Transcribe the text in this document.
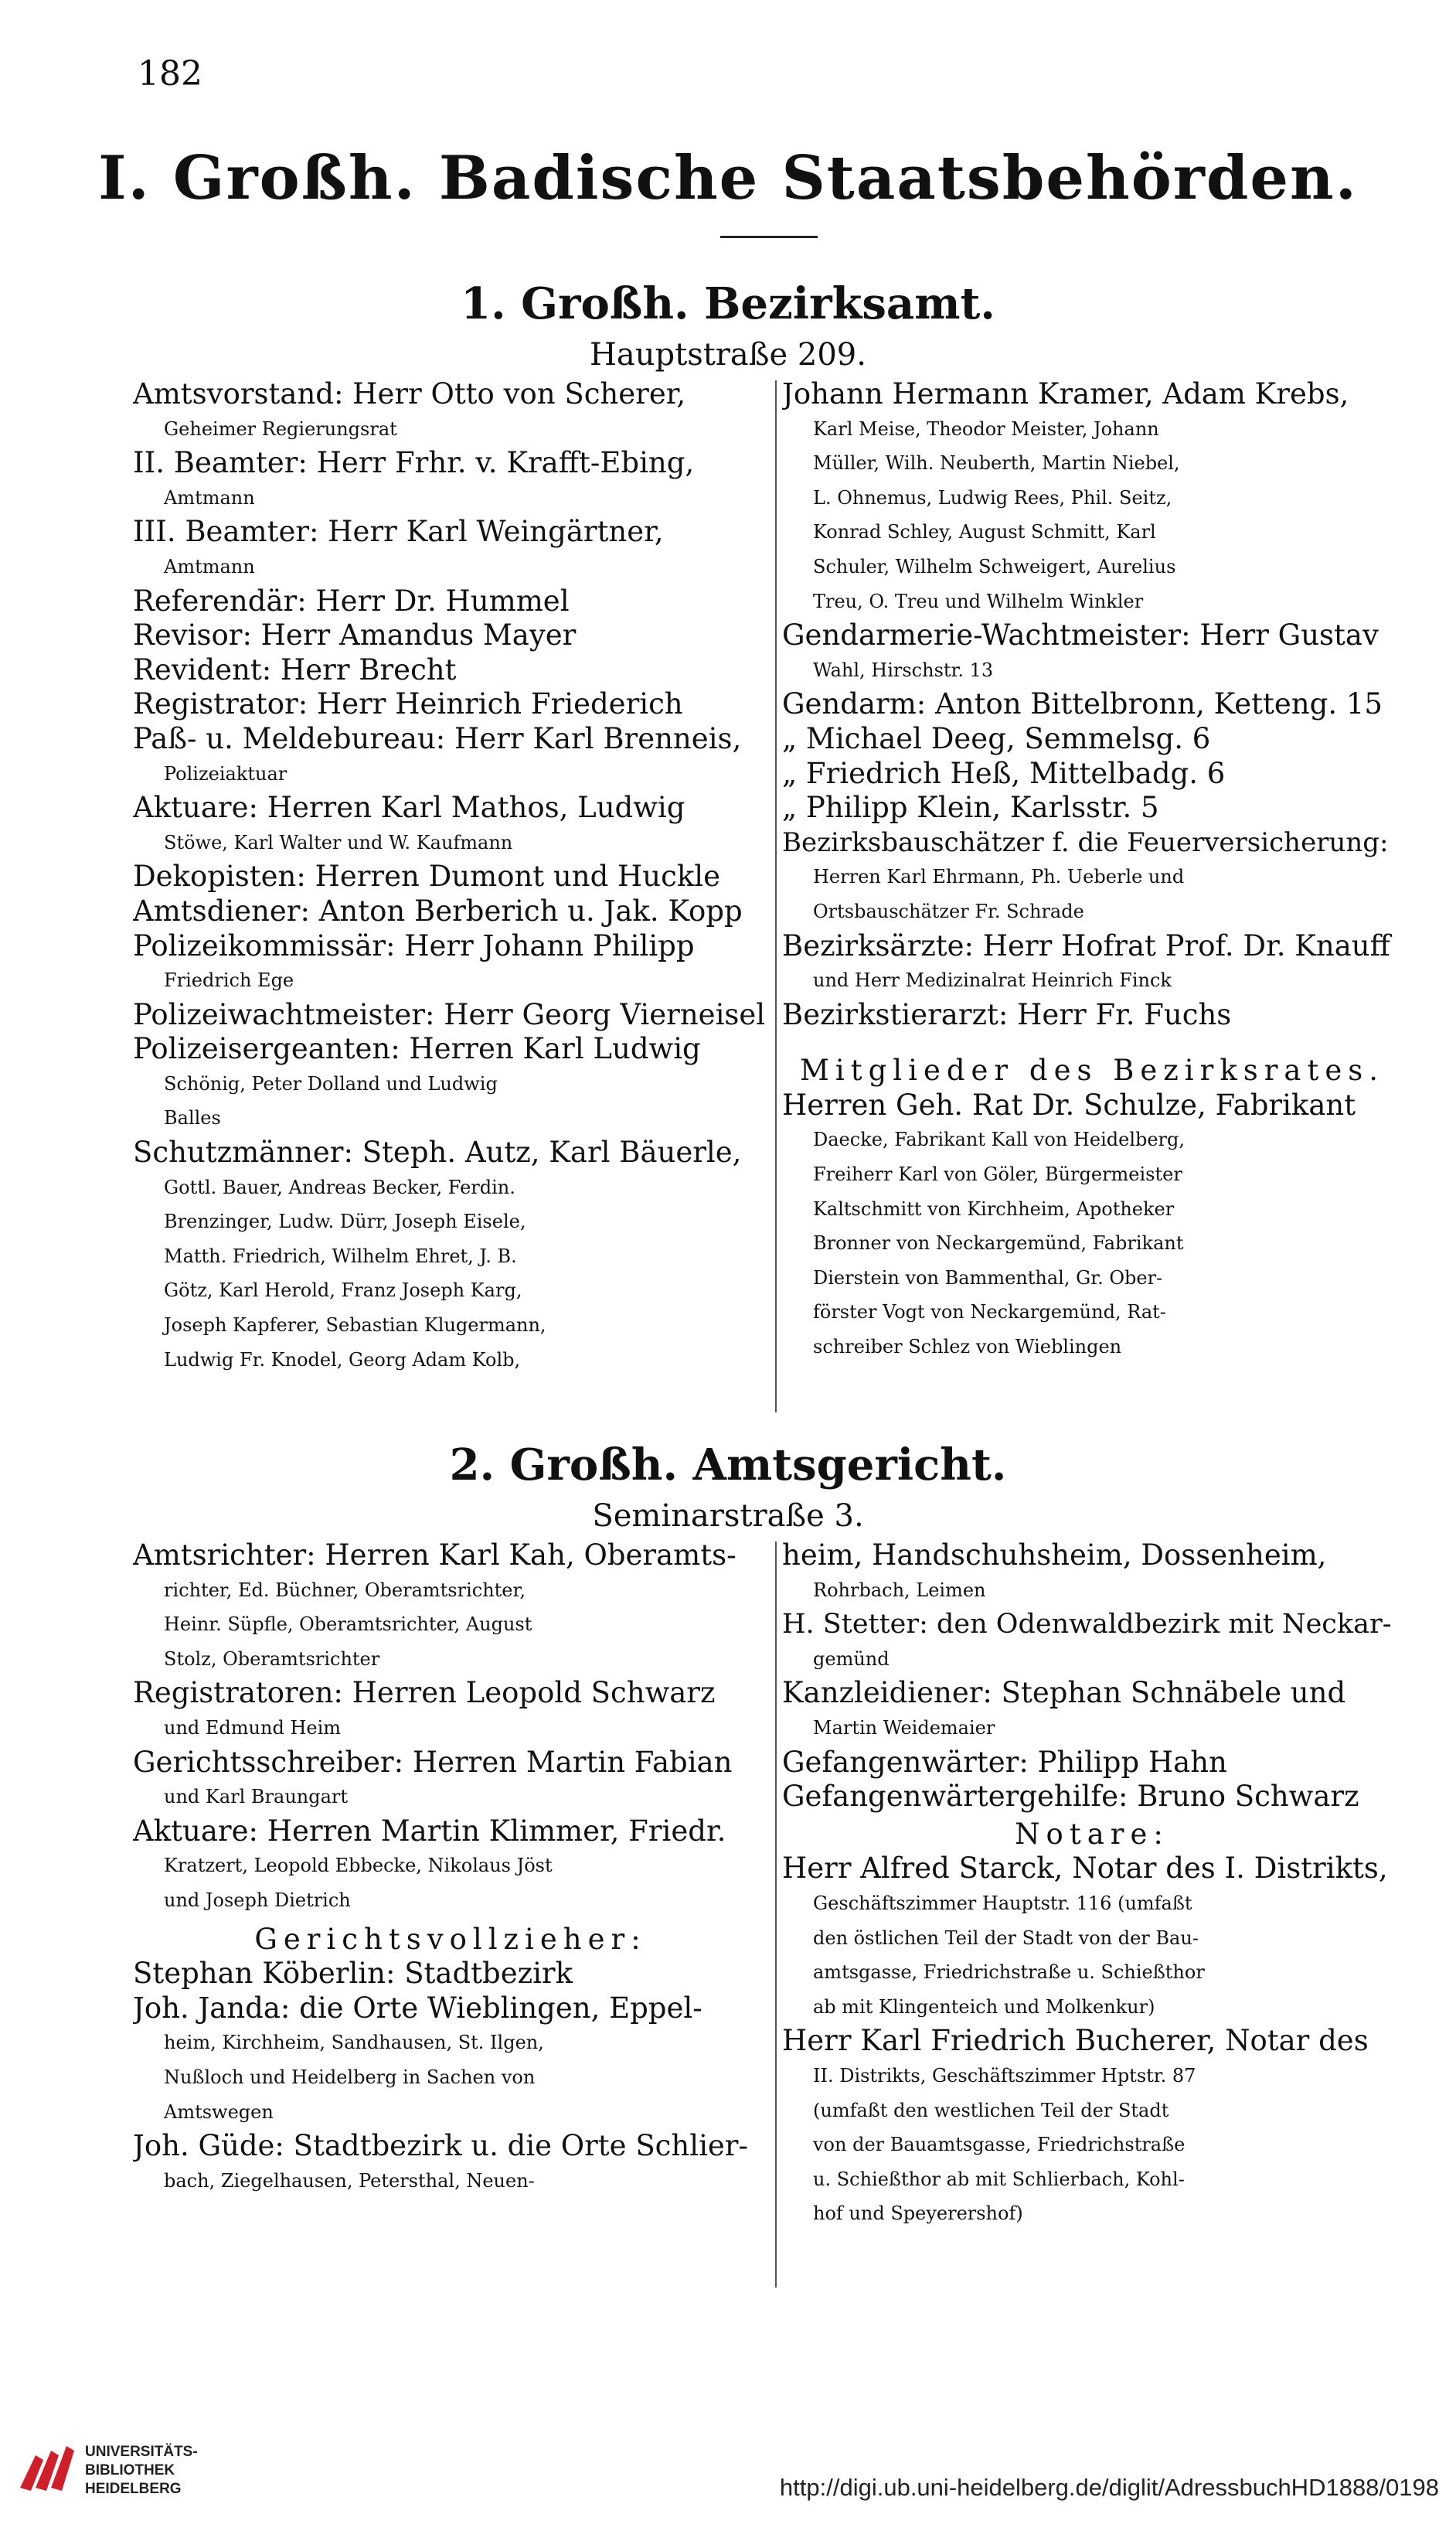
182
I. Großh. Badische Staatsbehörden.
1. Großh. Bezirksamt.
Hauptstraße 209.
Amtsvorstand: Herr Otto von Scherer,
Geheimer Regierungsrat
II. Beamter: Herr Frhr. v. Krafft-Ebing,
Amtmann
III. Beamter: Herr Karl Weingärtner,
Amtmann
Referendär: Herr Dr. Hummel
Revisor: Herr Amandus Mayer
Revident: Herr Brecht
Registrator: Herr Heinrich Friederich
Paß- u. Meldebureau: Herr Karl Brenneis,
Polizeiaktuar
Aktuare: Herren Karl Mathos, Ludwig
Stöwe, Karl Walter und W. Kaufmann
Dekopisten: Herren Dumont und Huckle
Amtsdiener: Anton Berberich u. Jak. Kopp
Polizeikommissär: Herr Johann Philipp
Friedrich Ege
Polizeiwachtmeister: Herr Georg Vierneisel
Polizeisergeanten: Herren Karl Ludwig
Schönig, Peter Dolland und Ludwig
Balles
Schutzmänner: Steph. Autz, Karl Bäuerle,
Gottl. Bauer, Andreas Becker, Ferdin.
Brenzinger, Ludw. Dürr, Joseph Eisele,
Matth. Friedrich, Wilhelm Ehret, J. B.
Götz, Karl Herold, Franz Joseph Karg,
Joseph Kapferer, Sebastian Klugermann,
Ludwig Fr. Knodel, Georg Adam Kolb,
Johann Hermann Kramer, Adam Krebs,
Karl Meise, Theodor Meister, Johann
Müller, Wilh. Neuberth, Martin Niebel,
L. Ohnemus, Ludwig Rees, Phil. Seitz,
Konrad Schley, August Schmitt, Karl
Schuler, Wilhelm Schweigert, Aurelius
Treu, O. Treu und Wilhelm Winkler
Gendarmerie-Wachtmeister: Herr Gustav
Wahl, Hirschstr. 13
Gendarm: Anton Bittelbronn, Ketteng. 15
„ Michael Deeg, Semmelsg. 6
„ Friedrich Heß, Mittelbadg. 6
„ Philipp Klein, Karlsstr. 5
Bezirksbauschätzer f. die Feuerversicherung:
Herren Karl Ehrmann, Ph. Ueberle und
Ortsbauschätzer Fr. Schrade
Bezirksärzte: Herr Hofrat Prof. Dr. Knauff
und Herr Medizinalrat Heinrich Finck
Bezirkstierarzt: Herr Fr. Fuchs
Mitglieder des Bezirksrates.
Herren Geh. Rat Dr. Schulze, Fabrikant
Daecke, Fabrikant Kall von Heidelberg,
Freiherr Karl von Göler, Bürgermeister
Kaltschmitt von Kirchheim, Apotheker
Bronner von Neckargemünd, Fabrikant
Dierstein von Bammenthal, Gr. Ober-
förster Vogt von Neckargemünd, Rat-
schreiber Schlez von Wieblingen
2. Großh. Amtsgericht.
Seminarstraße 3.
Amtsrichter: Herren Karl Kah, Oberamts-
richter, Ed. Büchner, Oberamtsrichter,
Heinr. Süpfle, Oberamtsrichter, August
Stolz, Oberamtsrichter
Registratoren: Herren Leopold Schwarz
und Edmund Heim
Gerichtsschreiber: Herren Martin Fabian
und Karl Braungart
Aktuare: Herren Martin Klimmer, Friedr.
Kratzert, Leopold Ebbecke, Nikolaus Jöst
und Joseph Dietrich
Gerichtsvollzieher:
Stephan Köberlin: Stadtbezirk
Joh. Janda: die Orte Wieblingen, Eppel-
heim, Kirchheim, Sandhausen, St. Ilgen,
Nußloch und Heidelberg in Sachen von
Amtswegen
Joh. Güde: Stadtbezirk u. die Orte Schlier-
bach, Ziegelhausen, Petersthal, Neuen-
heim, Handschuhsheim, Dossenheim,
Rohrbach, Leimen
H. Stetter: den Odenwaldbezirk mit Neckar-
gemünd
Kanzleidiener: Stephan Schnäbele und
Martin Weidemaier
Gefangenwärter: Philipp Hahn
Gefangenwärtergehilfe: Bruno Schwarz
Notare:
Herr Alfred Starck, Notar des I. Distrikts,
Geschäftszimmer Hauptstr. 116 (umfaßt
den östlichen Teil der Stadt von der Bau-
amtsgasse, Friedrichstraße u. Schießthor
ab mit Klingenteich und Molkenkur)
Herr Karl Friedrich Bucherer, Notar des
II. Distrikts, Geschäftszimmer Hptstr. 87
(umfaßt den westlichen Teil der Stadt
von der Bauamtsgasse, Friedrichstraße
u. Schießthor ab mit Schlierbach, Kohl-
hof und Speyerershof)
UNIVERSITÄTS-
BIBLIOTHEK
HEIDELBERG	http://digi.ub.uni-heidelberg.de/diglit/AdressbuchHD1888/0198
